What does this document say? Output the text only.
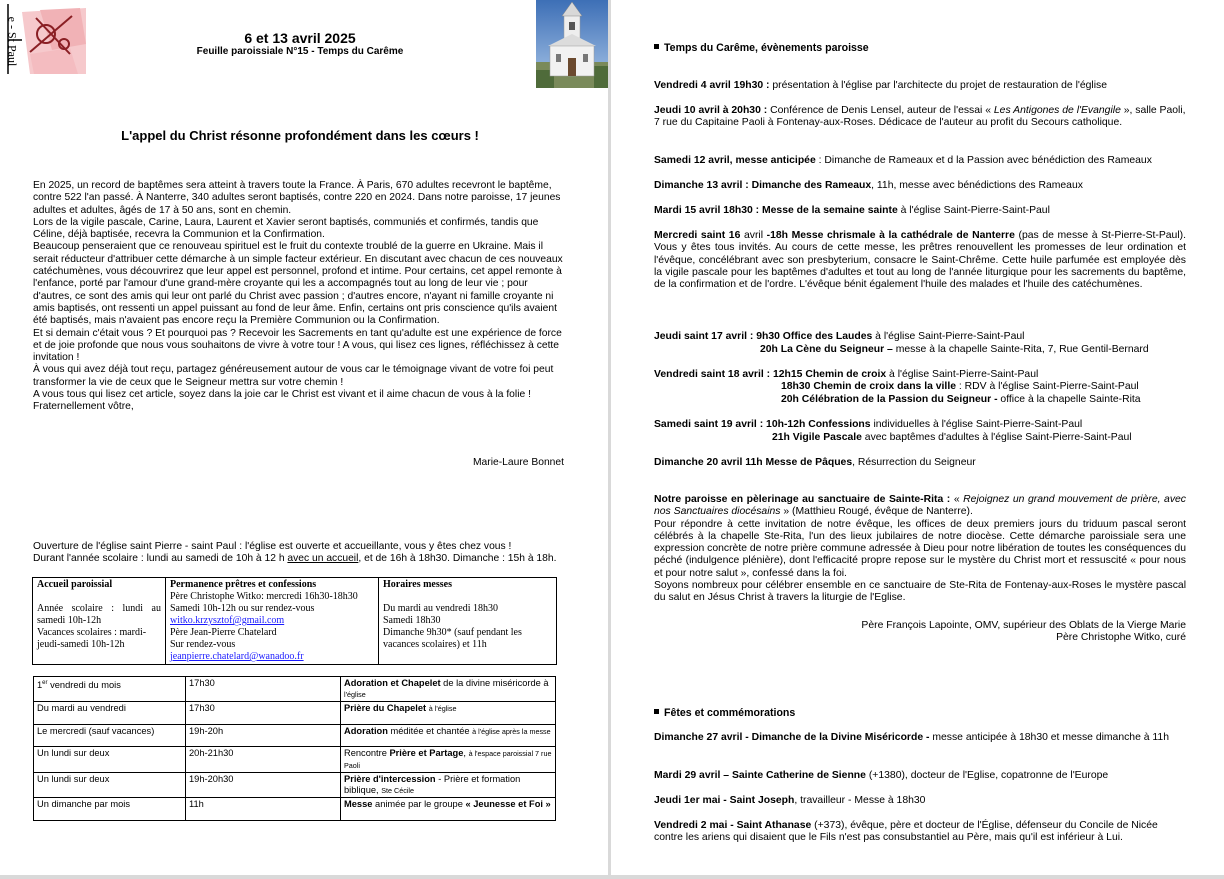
e - St Paul	6 et 13 avril 2025
Feuille paroissiale N°15 - Temps du Carême
L'appel du Christ résonne profondément dans les cœurs !

En 2025, un record de baptêmes sera atteint à travers toute la France. À Paris, 670 adultes recevront le baptême, contre 522 l'an passé. À Nanterre, 340 adultes seront baptisés, contre 220 en 2024. Dans notre paroisse, 17 jeunes adultes et adultes, âgés de 17 à 50 ans, sont en chemin.

Lors de la vigile pascale, Carine, Laura, Laurent et Xavier seront baptisés, communiés et confirmés, tandis que Céline, déjà baptisée, recevra la Communion et la Confirmation.

Beaucoup penseraient que ce renouveau spirituel est le fruit du contexte troublé de la guerre en Ukraine. Mais il serait réducteur d'attribuer cette démarche à un simple facteur extérieur. En discutant avec chacun de ces nouveaux catéchumènes, vous découvrirez que leur appel est personnel, profond et intime. Pour certains, cet appel remonte à l'enfance, porté par l'amour d'une grand-mère croyante qui les a accompagnés tout au long de leur vie ; pour d'autres, ce sont des amis qui leur ont parlé du Christ avec passion ; d'autres encore, n'ayant ni famille croyante ni amis baptisés, ont ressenti un appel puissant au fond de leur âme. Enfin, certains ont pris conscience qu'ils avaient été baptisés, mais n'avaient pas encore reçu la Première Communion ou la Confirmation.

Et si demain c'était vous ? Et pourquoi pas ? Recevoir les Sacrements en tant qu'adulte est une expérience de force et de joie profonde que nous vous souhaitons de vivre à votre tour ! A vous, qui lisez ces lignes, réfléchissez à cette invitation !

À vous qui avez déjà tout reçu, partagez généreusement autour de vous car le témoignage vivant de votre foi peut transformer la vie de ceux que le Seigneur mettra sur votre chemin !

A vous tous qui lisez cet article, soyez dans la joie car le Christ est vivant et il aime chacun de vous à la folie ! Fraternellement vôtre,

Marie-Laure Bonnet
Ouverture de l'église saint Pierre - saint Paul : l'église est ouverte et accueillante, vous y êtes chez vous !
Durant l'année scolaire : lundi au samedi de 10h à 12 h avec un accueil, et de 16h à 18h30. Dimanche : 15h à 18h.
Accueil paroissial
Année scolaire : lundi au samedi 10h-12h
Vacances scolaires : mardi-jeudi-samedi 10h-12h

Permanence prêtres et confessions
Père Christophe Witko: mercredi 16h30-18h30
Samedi 10h-12h ou sur rendez-vous
witko.krzysztof@gmail.com
Père Jean-Pierre Chatelard
Sur rendez-vous
jeanpierre.chatelard@wanadoo.fr

Horaires messes
Du mardi au vendredi 18h30
Samedi 18h30
Dimanche 9h30* (sauf pendant les vacances scolaires) et 11h
1er vendredi du mois	17h30	Adoration et Chapelet de la divine miséricorde à l'église
Du mardi au vendredi	17h30	Prière du Chapelet à l'église
Le mercredi (sauf vacances)	19h-20h	Adoration méditée et chantée à l'église après la messe
Un lundi sur deux	20h-21h30	Rencontre Prière et Partage, à l'espace paroissial 7 rue Paoli
Un lundi sur deux	19h-20h30	Prière d'intercession - Prière et formation biblique, Ste Cécile
Un dimanche par mois	11h	Messe animée par le groupe « Jeunesse et Foi »
Temps du Carême, évènements paroisse
Vendredi 4 avril 19h30 : présentation à l'église par l'architecte du projet de restauration de l'église
Jeudi 10 avril à 20h30 : Conférence de Denis Lensel, auteur de l'essai « Les Antigones de l'Evangile », salle Paoli, 7 rue du Capitaine Paoli à Fontenay-aux-Roses. Dédicace de l'auteur au profit du Secours catholique.
Samedi 12 avril, messe anticipée : Dimanche de Rameaux et d la Passion avec bénédiction des Rameaux
Dimanche 13 avril : Dimanche des Rameaux, 11h, messe avec bénédictions des Rameaux
Mardi 15 avril 18h30 : Messe de la semaine sainte à l'église Saint-Pierre-Saint-Paul
Mercredi saint 16 avril -18h Messe chrismale à la cathédrale de Nanterre (pas de messe à St-Pierre-St-Paul). Vous y êtes tous invités. Au cours de cette messe, les prêtres renouvellent les promesses de leur ordination et l'évêque, concélébrant avec son presbyterium, consacre le Saint-Chrême. Cette huile parfumée est employée dès la vigile pascale pour les baptêmes d'adultes et tout au long de l'année liturgique pour les sacrements du baptême, de la confirmation et de l'ordre. L'évêque bénit également l'huile des malades et l'huile des catéchumènes.
Jeudi saint 17 avril : 9h30 Office des Laudes à l'église Saint-Pierre-Saint-Paul
20h La Cène du Seigneur – messe à la chapelle Sainte-Rita, 7, Rue Gentil-Bernard
Vendredi saint 18 avril : 12h15 Chemin de croix à l'église Saint-Pierre-Saint-Paul
18h30 Chemin de croix dans la ville : RDV à l'église Saint-Pierre-Saint-Paul
20h Célébration de la Passion du Seigneur - office à la chapelle Sainte-Rita
Samedi saint 19 avril : 10h-12h Confessions individuelles à l'église Saint-Pierre-Saint-Paul
21h Vigile Pascale avec baptêmes d'adultes à l'église Saint-Pierre-Saint-Paul
Dimanche 20 avril 11h Messe de Pâques, Résurrection du Seigneur
Notre paroisse en pèlerinage au sanctuaire de Sainte-Rita : « Rejoignez un grand mouvement de prière, avec nos Sanctuaires diocésains » (Matthieu Rougé, évêque de Nanterre).
Pour répondre à cette invitation de notre évêque, les offices de deux premiers jours du triduum pascal seront célébrés à la chapelle Ste-Rita, l'un des lieux jubilaires de notre diocèse. Cette démarche paroissiale sera une expression concrète de notre prière commune adressée à Dieu pour notre libération de toutes les conséquences du péché (indulgence plénière), dont l'efficacité propre repose sur le mystère du Christ mort et ressuscité « pour nous et pour notre salut », confessé dans la foi.
Soyons nombreux pour célébrer ensemble en ce sanctuaire de Ste-Rita de Fontenay-aux-Roses le mystère pascal du salut en Jésus Christ à travers la liturgie de l'Eglise.
Père François Lapointe, OMV, supérieur des Oblats de la Vierge Marie
Père Christophe Witko, curé
Fêtes et commémorations
Dimanche 27 avril - Dimanche de la Divine Miséricorde - messe anticipée à 18h30 et messe dimanche à 11h
Mardi 29 avril – Sainte Catherine de Sienne (+1380), docteur de l'Eglise, copatronne de l'Europe
Jeudi 1er mai - Saint Joseph, travailleur - Messe à 18h30
Vendredi 2 mai - Saint Athanase (+373), évêque, père et docteur de l'Église, défenseur du Concile de Nicée contre les ariens qui disaient que le Fils n'est pas consubstantiel au Père, mais qu'il est inférieur à Lui.
